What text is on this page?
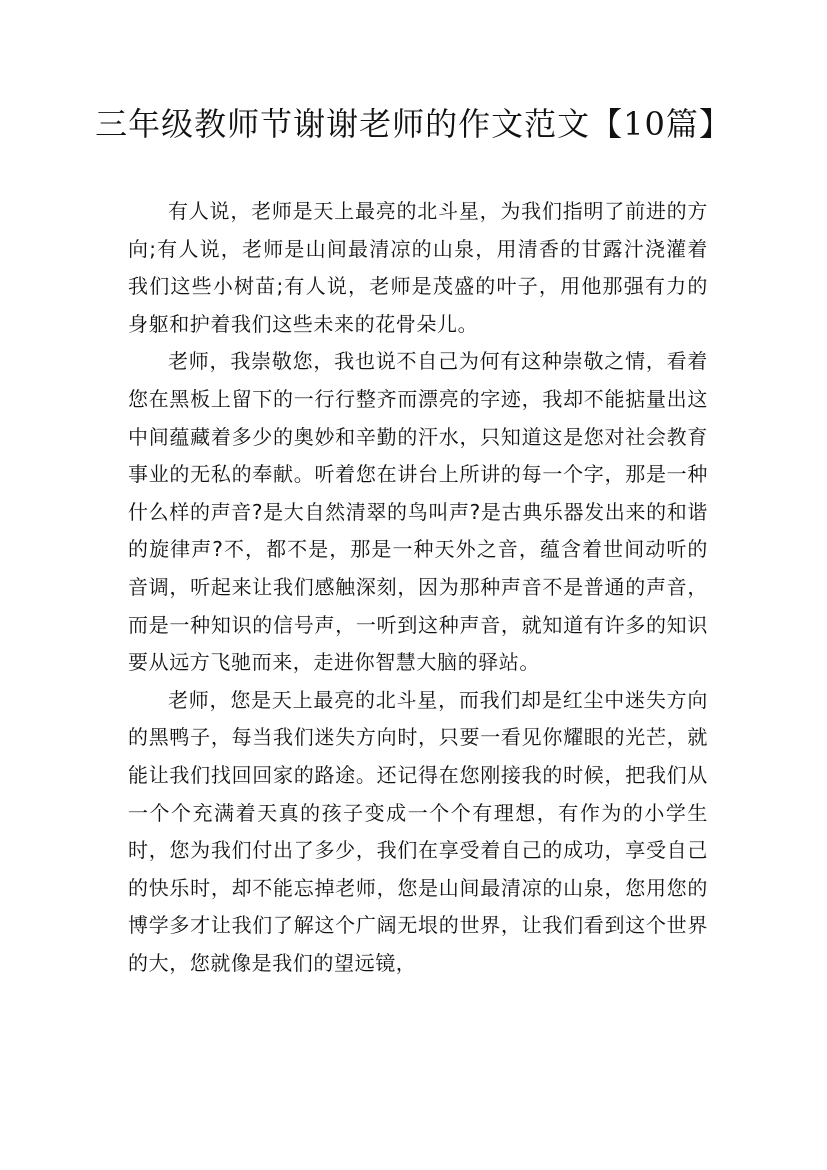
三年级教师节谢谢老师的作文范文【10篇】

有人说，老师是天上最亮的北斗星，为我们指明了前进的方向;有人说，老师是山间最清凉的山泉，用清香的甘露汁浇灌着我们这些小树苗;有人说，老师是茂盛的叶子，用他那强有力的身躯和护着我们这些未来的花骨朵儿。

老师，我崇敬您，我也说不自己为何有这种崇敬之情，看着您在黑板上留下的一行行整齐而漂亮的字迹，我却不能掂量出这中间蕴藏着多少的奥妙和辛勤的汗水，只知道这是您对社会教育事业的无私的奉献。听着您在讲台上所讲的每一个字，那是一种什么样的声音?是大自然清翠的鸟叫声?是古典乐器发出来的和谐的旋律声?不，都不是，那是一种天外之音，蕴含着世间动听的音调，听起来让我们感触深刻，因为那种声音不是普通的声音，而是一种知识的信号声，一听到这种声音，就知道有许多的知识要从远方飞驰而来，走进你智慧大脑的驿站。

老师，您是天上最亮的北斗星，而我们却是红尘中迷失方向的黑鸭子，每当我们迷失方向时，只要一看见你耀眼的光芒，就能让我们找回回家的路途。还记得在您刚接我的时候，把我们从一个个充满着天真的孩子变成一个个有理想，有作为的小学生时，您为我们付出了多少，我们在享受着自己的成功，享受自己的快乐时，却不能忘掉老师，您是山间最清凉的山泉，您用您的博学多才让我们了解这个广阔无垠的世界，让我们看到这个世界的大，您就像是我们的望远镜，
